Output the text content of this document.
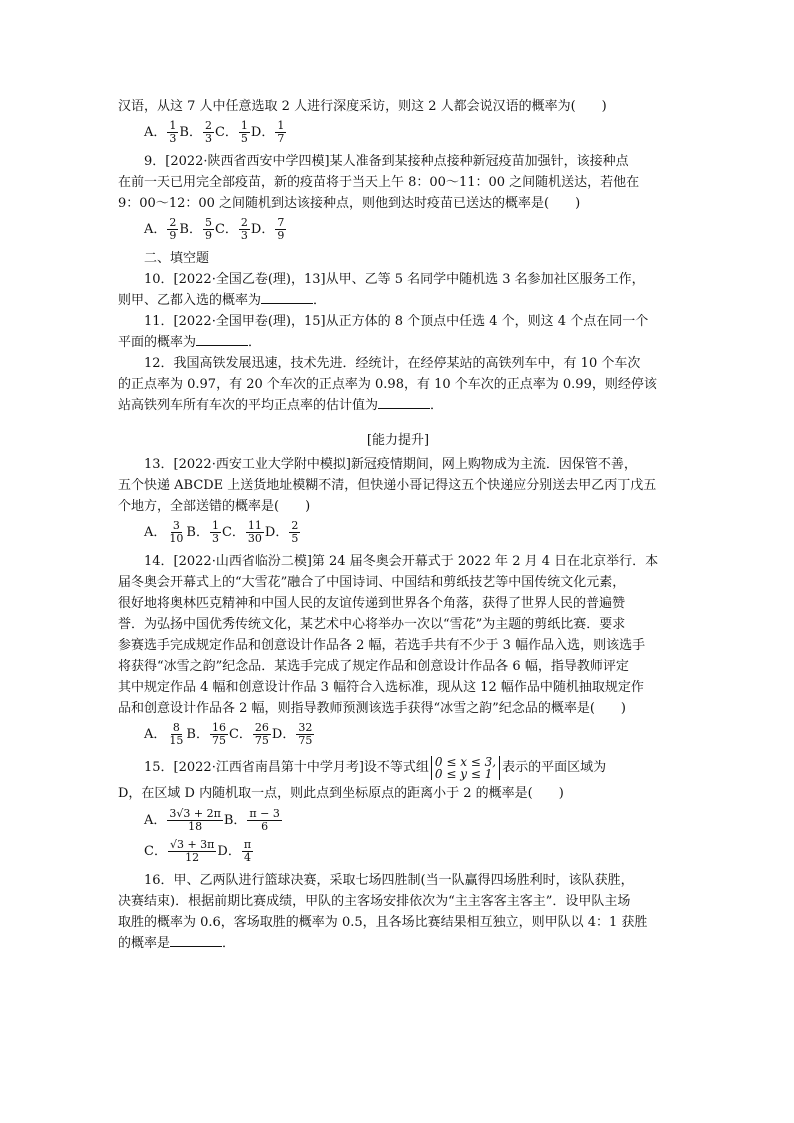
汉语，从这 7 人中任意选取 2 人进行深度采访，则这 2 人都会说汉语的概率为(　　)
A． $\frac{1}{3}$ B． $\frac{2}{3}$ C． $\frac{1}{5}$ D． $\frac{1}{7}$
9．[2022·陕西省西安中学四模]某人准备到某接种点接种新冠疫苗加强针，该接种点
在前一天已用完全部疫苗，新的疫苗将于当天上午 8：00～11：00 之间随机送达，若他在
9：00～12：00 之间随机到达该接种点，则他到达时疫苗已送达的概率是(　　)
A． $\frac{2}{9}$ B． $\frac{5}{9}$ C． $\frac{2}{3}$ D． $\frac{7}{9}$
二、填空题
10．[2022·全国乙卷(理)，13]从甲、乙等 5 名同学中随机选 3 名参加社区服务工作，
则甲、乙都入选的概率为	．
11．[2022·全国甲卷(理)，15]从正方体的 8 个顶点中任选 4 个，则这 4 个点在同一个
平面的概率为	．
12．我国高铁发展迅速，技术先进．经统计，在经停某站的高铁列车中，有 10 个车次
的正点率为 0.97，有 20 个车次的正点率为 0.98，有 10 个车次的正点率为 0.99，则经停该
站高铁列车所有车次的平均正点率的估计值为	．
[能力提升]
13．[2022·西安工业大学附中模拟]新冠疫情期间，网上购物成为主流．因保管不善，
五个快递 ABCDE 上送货地址模糊不清，但快递小哥记得这五个快递应分别送去甲乙丙丁戊五
个地方，全部送错的概率是(　　)
A． $\frac{3}{10}$ B． $\frac{1}{3}$ C． $\frac{11}{30}$ D． $\frac{2}{5}$
14．[2022·山西省临汾二模]第 24 届冬奥会开幕式于 2022 年 2 月 4 日在北京举行．本
届冬奥会开幕式上的“大雪花”融合了中国诗词、中国结和剪纸技艺等中国传统文化元素，
很好地将奥林匹克精神和中国人民的友谊传递到世界各个角落，获得了世界人民的普遍赞
誉．为弘扬中国优秀传统文化，某艺术中心将举办一次以“雪花”为主题的剪纸比赛．要求
参赛选手完成规定作品和创意设计作品各 2 幅，若选手共有不少于 3 幅作品入选，则该选手
将获得“冰雪之韵”纪念品．某选手完成了规定作品和创意设计作品各 6 幅，指导教师评定
其中规定作品 4 幅和创意设计作品 3 幅符合入选标准，现从这 12 幅作品中随机抽取规定作
品和创意设计作品各 2 幅，则指导教师预测该选手获得“冰雪之韵”纪念品的概率是(　　)
A． $\frac{8}{15}$ B． $\frac{16}{75}$ C． $\frac{26}{75}$ D． $\frac{32}{75}$
15．[2022·江西省南昌第十中学月考]设不等式组 0 ≤ x ≤ 3,
0 ≤ y ≤ 1 表示的平面区域为
D，在区域 D 内随机取一点，则此点到坐标原点的距离小于 2 的概率是(　　)
A． $\frac{3√3 + 2\pi}{18}$ B． $\frac{\pi - 3}{6}$
C． $\frac{√3 + 3\pi}{12}$ D． $\frac{\pi}{4}$
16．甲、乙两队进行篮球决赛，采取七场四胜制(当一队赢得四场胜利时，该队获胜，
决赛结束)．根据前期比赛成绩，甲队的主客场安排依次为“主主客客主客主”．设甲队主场
取胜的概率为 0.6，客场取胜的概率为 0.5，且各场比赛结果相互独立，则甲队以 4：1 获胜
的概率是	．
